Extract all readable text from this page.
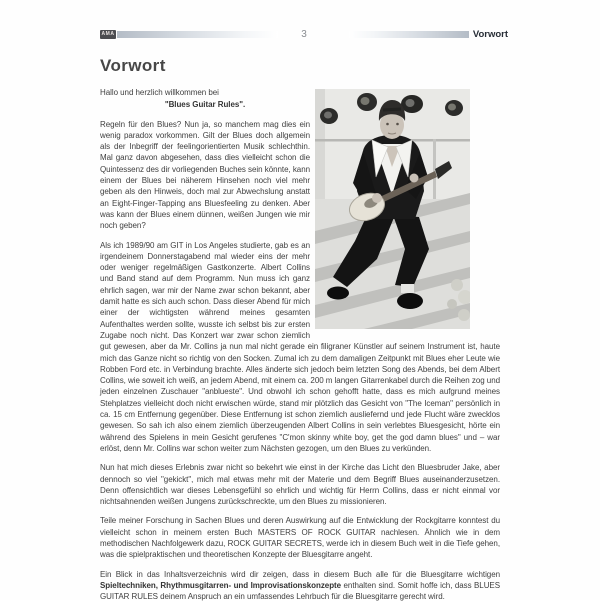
AMA	3	Vorwort
Vorwort

Hallo und herzlich willkommen bei

"Blues Guitar Rules".

Regeln für den Blues? Nun ja, so manchem mag dies ein wenig paradox vorkommen. Gilt der Blues doch allgemein als der Inbegriff der feelingorientierten Musik schlechthin. Mal ganz davon abgesehen, dass dies vielleicht schon die Quintessenz des dir vorliegenden Buches sein könnte, kann einem der Blues bei näherem Hinsehen noch viel mehr geben als den Hinweis, doch mal zur Abwechslung anstatt an Eight-Finger-Tapping ans Bluesfeeling zu denken. Aber was kann der Blues einem dünnen, weißen Jungen wie mir noch geben?

Als ich 1989/90 am GIT in Los Angeles studierte, gab es an irgendeinem Donnerstagabend mal wieder eins der mehr oder weniger regelmäßigen Gastkonzerte. Albert Collins und Band stand auf dem Programm. Nun muss ich ganz ehrlich sagen, war mir der Name zwar schon bekannt, aber damit hatte es sich auch schon. Dass dieser Abend für mich einer der wichtigsten während meines gesamten Aufenthaltes werden sollte, wusste ich selbst bis zur ersten Zugabe noch nicht. Das Konzert war zwar schon ziemlich gut gewesen, aber da Mr. Collins ja nun mal nicht gerade ein filigraner Künstler auf seinem Instrument ist, haute mich das Ganze nicht so richtig von den Socken. Zumal ich zu dem damaligen Zeitpunkt mit Blues eher Leute wie Robben Ford etc. in Verbindung brachte. Alles änderte sich jedoch beim letzten Song des Abends, bei dem Albert Collins, wie soweit ich weiß, an jedem Abend, mit einem ca. 200 m langen Gitarrenkabel durch die Reihen zog und jeden einzelnen Zuschauer "anblueste". Und obwohl ich schon gehofft hatte, dass es mich aufgrund meines Stehplatzes vielleicht doch nicht erwischen würde, stand mir plötzlich das Gesicht von "The Iceman" persönlich in ca. 15 cm Entfernung gegenüber. Diese Entfernung ist schon ziemlich ausliefernd und jede Flucht wäre zwecklos gewesen. So sah ich also einem ziemlich überzeugenden Albert Collins in sein verlebtes Bluesgesicht, hörte ein während des Spielens in mein Gesicht gerufenes "C'mon skinny white boy, get the god damn blues" und – war erlöst, denn Mr. Collins war schon weiter zum Nächsten gezogen, um den Blues zu verkünden.

Nun hat mich dieses Erlebnis zwar nicht so bekehrt wie einst in der Kirche das Licht den Bluesbruder Jake, aber dennoch so viel "gekickt", mich mal etwas mehr mit der Materie und dem Begriff Blues auseinanderzusetzen. Denn offensichtlich war dieses Lebensgefühl so ehrlich und wichtig für Herrn Collins, dass er nicht einmal vor nichtsahnenden weißen Jungens zurückschreckte, um den Blues zu missionieren.

Teile meiner Forschung in Sachen Blues und deren Auswirkung auf die Entwicklung der Rockgitarre konntest du vielleicht schon in meinem ersten Buch MASTERS OF ROCK GUITAR nachlesen. Ähnlich wie in dem methodischen Nachfolgewerk dazu, ROCK GUITAR SECRETS, werde ich in diesem Buch weit in die Tiefe gehen, was die spielpraktischen und theoretischen Konzepte der Bluesgitarre angeht.

Ein Blick in das Inhaltsverzeichnis wird dir zeigen, dass in diesem Buch alle für die Bluesgitarre wichtigen Spieltechniken, Rhythmusgitarren- und Improvisationskonzepte enthalten sind. Somit hoffe ich, dass BLUES GUITAR RULES deinem Anspruch an ein umfassendes Lehrbuch für die Bluesgitarre gerecht wird.
